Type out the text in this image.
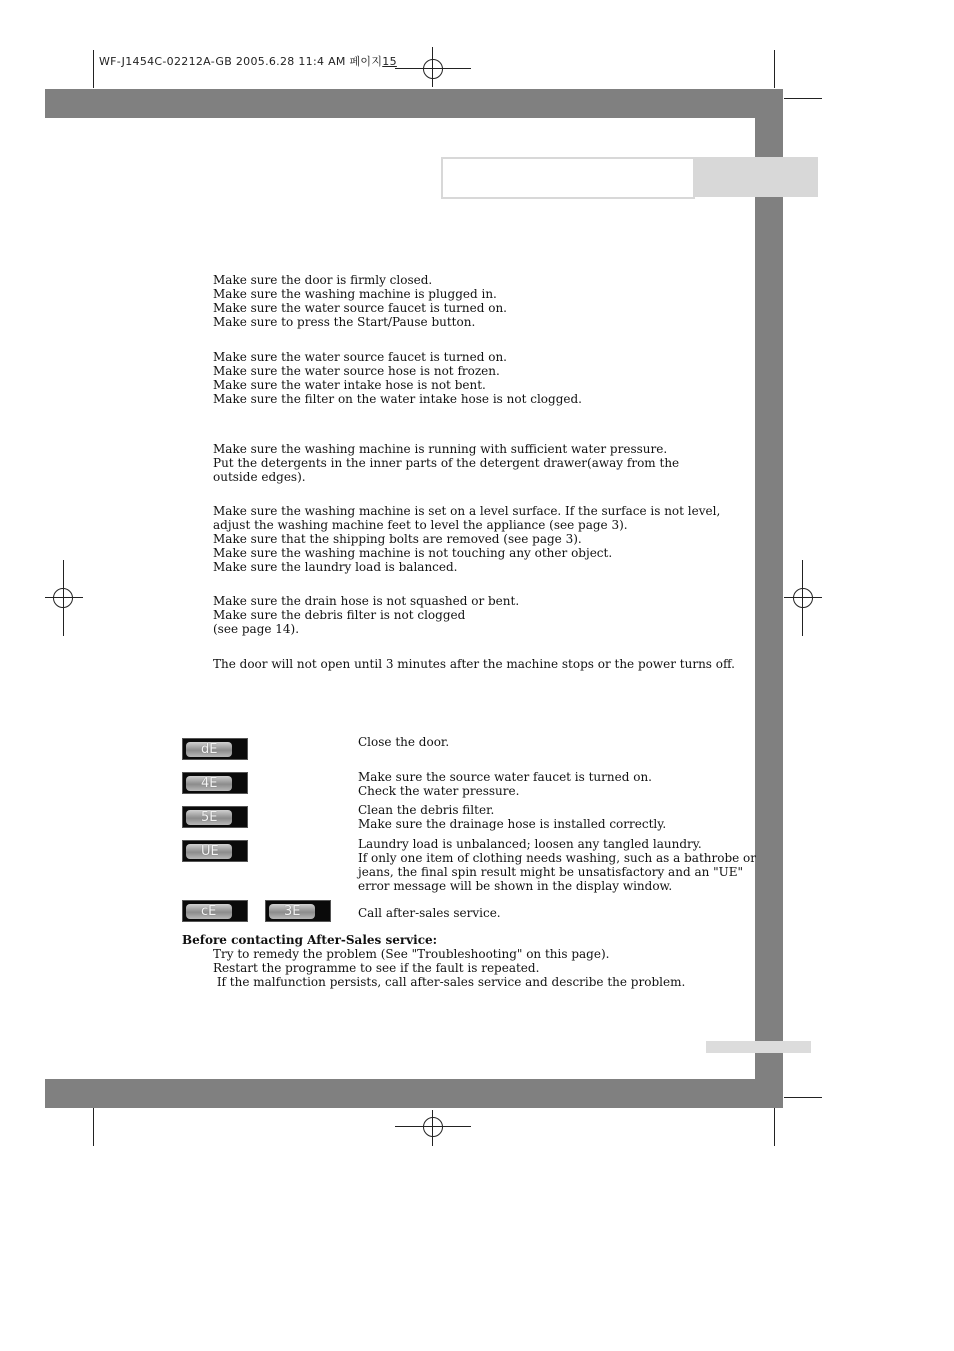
WF-J1454C-02212A-GB 2005.6.28 11:4 AM 페이지15

Make sure the door is firmly closed.

Make sure the washing machine is plugged in.

Make sure the water source faucet is turned on.

Make sure to press the Start/Pause button.

Make sure the water source faucet is turned on.

Make sure the water source hose is not frozen.

Make sure the water intake hose is not bent.

Make sure the filter on the water intake hose is not clogged.

Make sure the washing machine is running with sufficient water pressure.

Put the detergents in the inner parts of the detergent drawer(away from the

outside edges).

Make sure the washing machine is set on a level surface. If the surface is not level,

adjust the washing machine feet to level the appliance (see page 3).

Make sure that the shipping bolts are removed (see page 3).

Make sure the washing machine is not touching any other object.

Make sure the laundry load is balanced.

Make sure the drain hose is not squashed or bent.

Make sure the debris filter is not clogged

(see page 14).

The door will not open until 3 minutes after the machine stops or the power turns off.

dE	Close the door.

4E	Make sure the source water faucet is turned on.

Check the water pressure.

5E	Clean the debris filter.

Make sure the drainage hose is installed correctly.

UE	Laundry load is unbalanced; loosen any tangled laundry.

If only one item of clothing needs washing, such as a bathrobe or

jeans, the final spin result might be unsatisfactory and an "UE"

error message will be shown in the display window.

cE	3E	Call after-sales service.

Before contacting After-Sales service:

Try to remedy the problem (See "Troubleshooting" on this page).

Restart the programme to see if the fault is repeated.

If the malfunction persists, call after-sales service and describe the problem.
